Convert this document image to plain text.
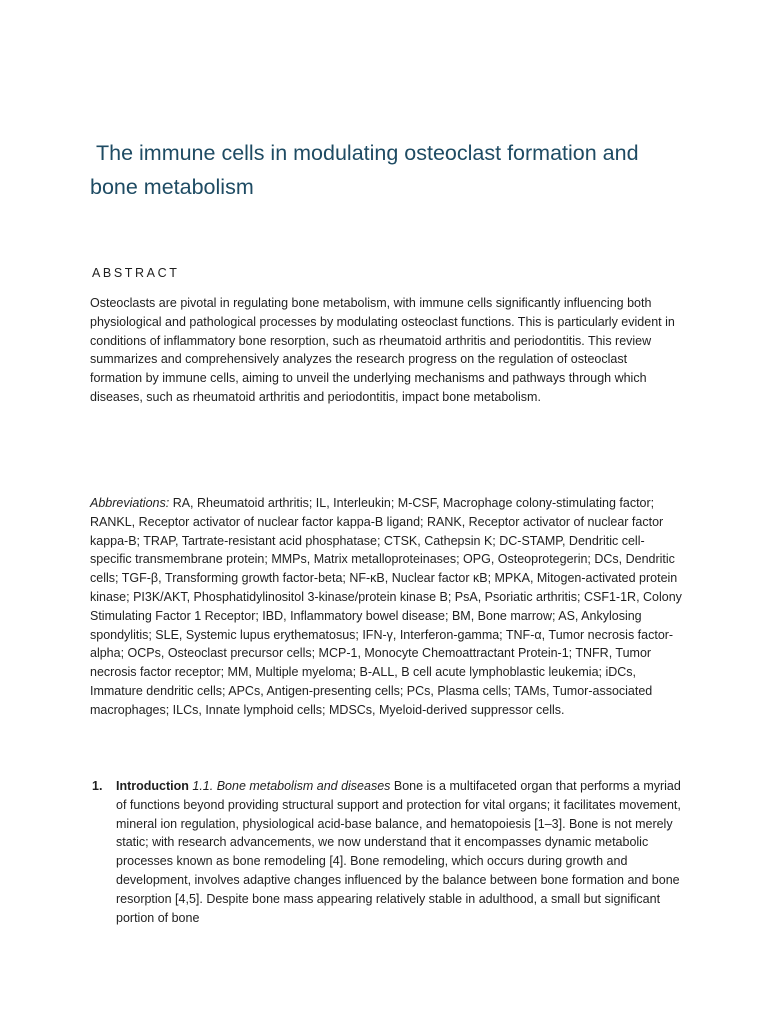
The immune cells in modulating osteoclast formation and bone metabolism
ABSTRACT

Osteoclasts are pivotal in regulating bone metabolism, with immune cells significantly influencing both physiological and pathological processes by modulating osteoclast functions. This is particularly evident in conditions of inflammatory bone resorption, such as rheumatoid arthritis and periodontitis. This review summarizes and comprehensively analyzes the research progress on the regulation of osteoclast formation by immune cells, aiming to unveil the underlying mechanisms and pathways through which diseases, such as rheumatoid arthritis and periodontitis, impact bone metabolism.

Abbreviations: RA, Rheumatoid arthritis; IL, Interleukin; M-CSF, Macrophage colony-stimulating factor; RANKL, Receptor activator of nuclear factor kappa-B ligand; RANK, Receptor activator of nuclear factor kappa-B; TRAP, Tartrate-resistant acid phosphatase; CTSK, Cathepsin K; DC-STAMP, Dendritic cell-specific transmembrane protein; MMPs, Matrix metalloproteinases; OPG, Osteoprotegerin; DCs, Dendritic cells; TGF-β, Transforming growth factor-beta; NF-κB, Nuclear factor κB; MPKA, Mitogen-activated protein kinase; PI3K/AKT, Phosphatidylinositol 3-kinase/protein kinase B; PsA, Psoriatic arthritis; CSF1-1R, Colony Stimulating Factor 1 Receptor; IBD, Inflammatory bowel disease; BM, Bone marrow; AS, Ankylosing spondylitis; SLE, Systemic lupus erythematosus; IFN-γ, Interferon-gamma; TNF-α, Tumor necrosis factor-alpha; OCPs, Osteoclast precursor cells; MCP-1, Monocyte Chemoattractant Protein-1; TNFR, Tumor necrosis factor receptor; MM, Multiple myeloma; B-ALL, B cell acute lymphoblastic leukemia; iDCs, Immature dendritic cells; APCs, Antigen-presenting cells; PCs, Plasma cells; TAMs, Tumor-associated macrophages; ILCs, Innate lymphoid cells; MDSCs, Myeloid-derived suppressor cells.

1. Introduction 1.1. Bone metabolism and diseases Bone is a multifaceted organ that performs a myriad of functions beyond providing structural support and protection for vital organs; it facilitates movement, mineral ion regulation, physiological acid-base balance, and hematopoiesis [1–3]. Bone is not merely static; with research advancements, we now understand that it encompasses dynamic metabolic processes known as bone remodeling [4]. Bone remodeling, which occurs during growth and development, involves adaptive changes influenced by the balance between bone formation and bone resorption [4,5]. Despite bone mass appearing relatively stable in adulthood, a small but significant portion of bone
